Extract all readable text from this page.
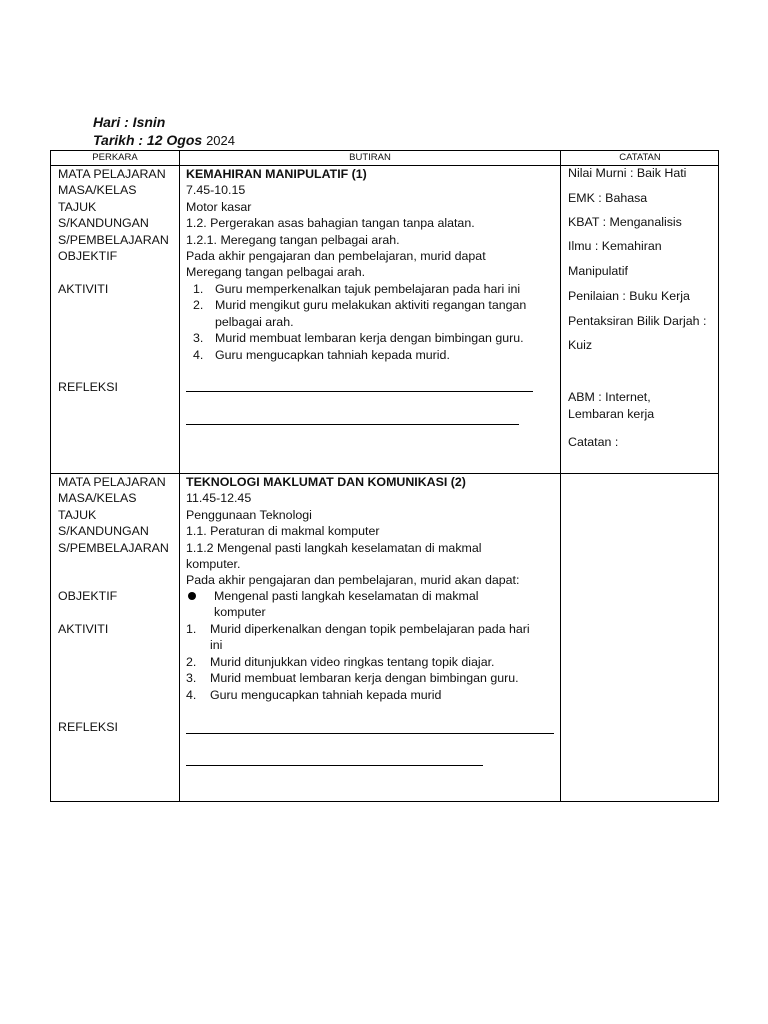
Hari : Isnin
Tarikh : 12 Ogos 2024
PERKARA	BUTIRAN	CATATAN
MATA PELAJARAN
MASA/KELAS
TAJUK
S/KANDUNGAN
S/PEMBELAJARAN
OBJEKTIF
AKTIVITI
REFLEKSI
KEMAHIRAN MANIPULATIF (1)
7.45-10.15
Motor kasar
1.2. Pergerakan asas bahagian tangan tanpa alatan.
1.2.1. Meregang tangan pelbagai arah.
Pada akhir pengajaran dan pembelajaran, murid dapat
Meregang tangan pelbagai arah.
1. Guru memperkenalkan tajuk pembelajaran pada hari ini
2. Murid mengikut guru melakukan aktiviti regangan tangan
pelbagai arah.
3. Murid membuat lembaran kerja dengan bimbingan guru.
4. Guru mengucapkan tahniah kepada murid.
Nilai Murni : Baik Hati
EMK : Bahasa
KBAT : Menganalisis
Ilmu : Kemahiran
Manipulatif
Penilaian : Buku Kerja
Pentaksiran Bilik Darjah :
Kuiz
ABM : Internet,
Lembaran kerja
Catatan :
MATA PELAJARAN
MASA/KELAS
TAJUK
S/KANDUNGAN
S/PEMBELAJARAN
OBJEKTIF
AKTIVITI
REFLEKSI
TEKNOLOGI MAKLUMAT DAN KOMUNIKASI (2)
11.45-12.45
Penggunaan Teknologi
1.1. Peraturan di makmal komputer
1.1.2 Mengenal pasti langkah keselamatan di makmal
komputer.
Pada akhir pengajaran dan pembelajaran, murid akan dapat:
Mengenal pasti langkah keselamatan di makmal
komputer
1. Murid diperkenalkan dengan topik pembelajaran pada hari
ini
2. Murid ditunjukkan video ringkas tentang topik diajar.
3. Murid membuat lembaran kerja dengan bimbingan guru.
4. Guru mengucapkan tahniah kepada murid
